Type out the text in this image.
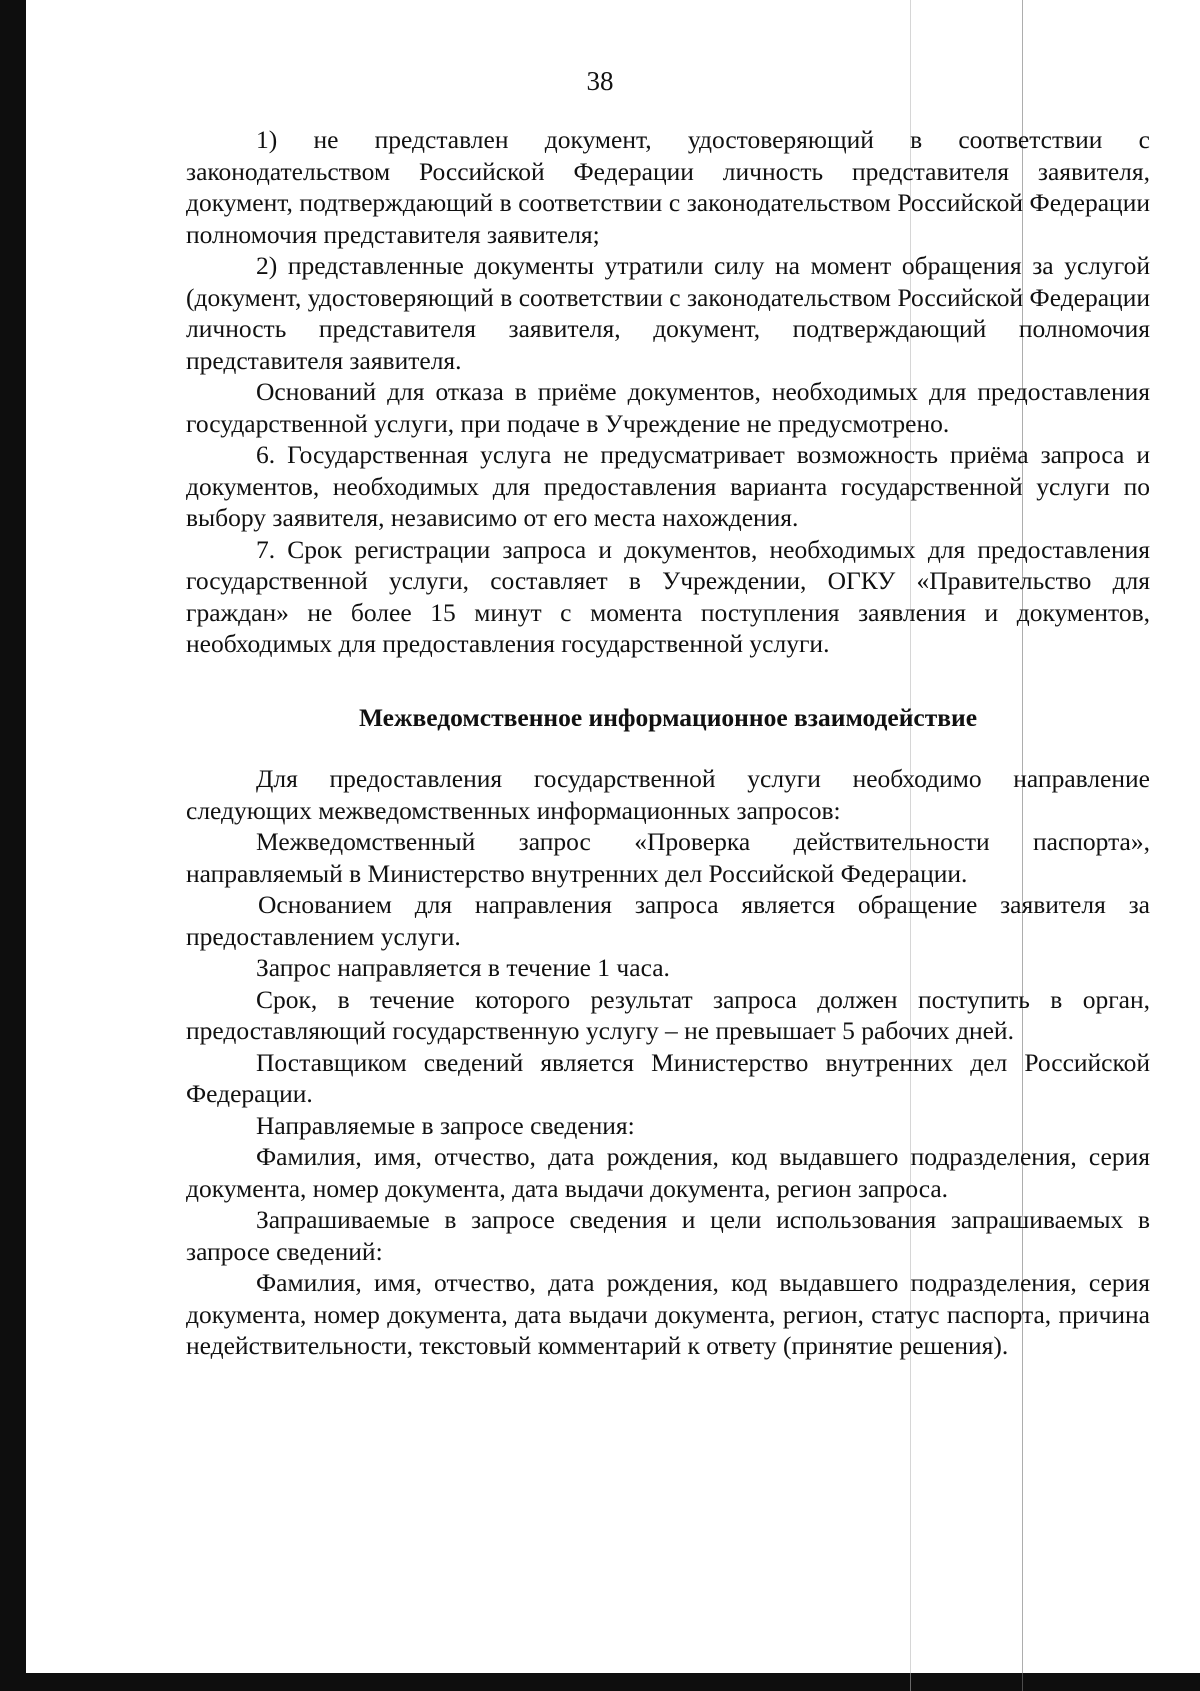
38

1) не представлен документ, удостоверяющий в соответствии с законодательством Российской Федерации личность представителя заявителя, документ, подтверждающий в соответствии с законодательством Российской Федерации полномочия представителя заявителя;

2) представленные документы утратили силу на момент обращения за услугой (документ, удостоверяющий в соответствии с законодательством Российской Федерации личность представителя заявителя, документ, подтверждающий полномочия представителя заявителя.

Оснований для отказа в приёме документов, необходимых для предоставления государственной услуги, при подаче в Учреждение не предусмотрено.

6. Государственная услуга не предусматривает возможность приёма запроса и документов, необходимых для предоставления варианта государственной услуги по выбору заявителя, независимо от его места нахождения.

7. Срок регистрации запроса и документов, необходимых для предоставления государственной услуги, составляет в Учреждении, ОГКУ «Правительство для граждан» не более 15 минут с момента поступления заявления и документов, необходимых для предоставления государственной услуги.

Межведомственное информационное взаимодействие

Для предоставления государственной услуги необходимо направление следующих межведомственных информационных запросов:

Межведомственный запрос «Проверка действительности паспорта», направляемый в Министерство внутренних дел Российской Федерации.

Основанием для направления запроса является обращение заявителя за предоставлением услуги.

Запрос направляется в течение 1 часа.

Срок, в течение которого результат запроса должен поступить в орган, предоставляющий государственную услугу – не превышает 5 рабочих дней.

Поставщиком сведений является Министерство внутренних дел Российской Федерации.

Направляемые в запросе сведения:

Фамилия, имя, отчество, дата рождения, код выдавшего подразделения, серия документа, номер документа, дата выдачи документа, регион запроса.

Запрашиваемые в запросе сведения и цели использования запрашиваемых в запросе сведений:

Фамилия, имя, отчество, дата рождения, код выдавшего подразделения, серия документа, номер документа, дата выдачи документа, регион, статус паспорта, причина недействительности, текстовый комментарий к ответу (принятие решения).
